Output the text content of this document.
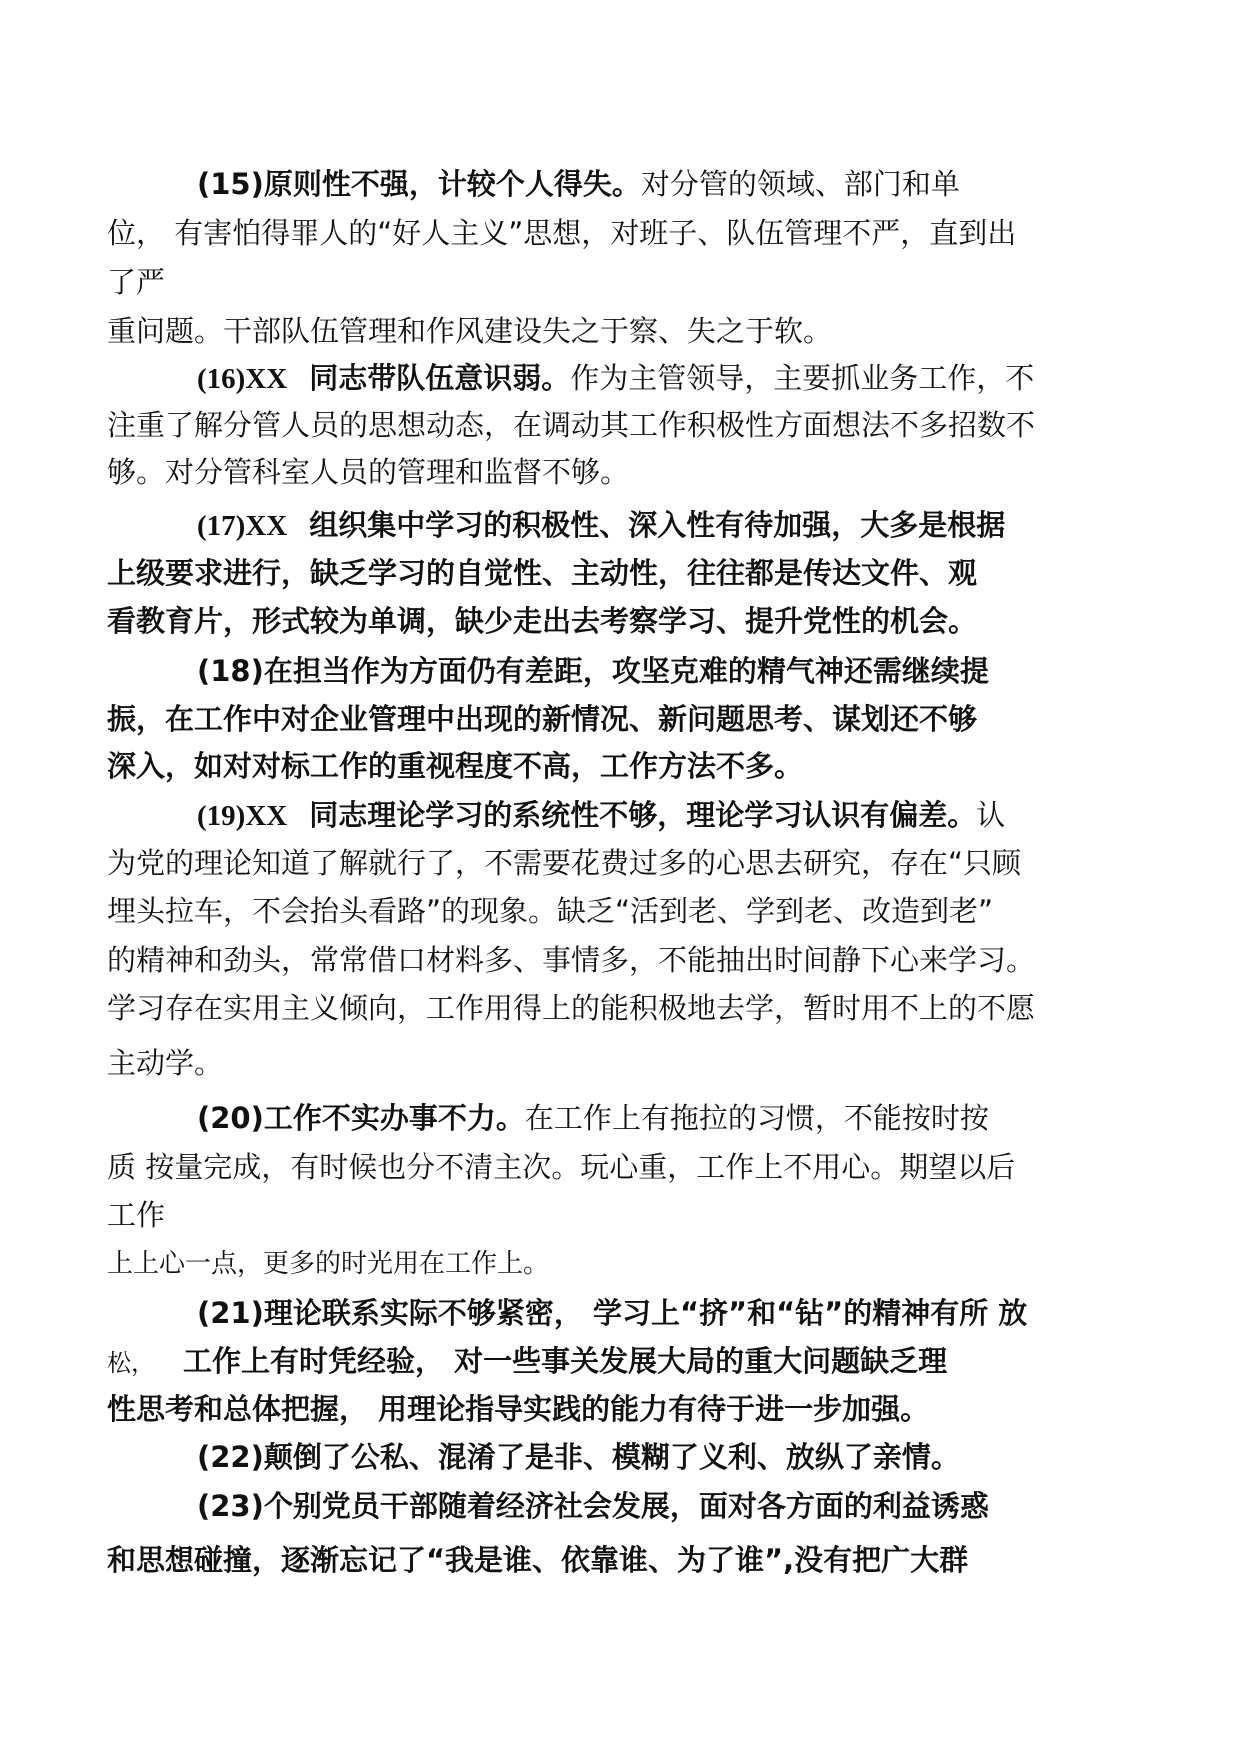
(15)原则性不强，计较个人得失。对分管的领域、部门和单
位， 有害怕得罪人的“好人主义”思想，对班子、队伍管理不严，直到出
了严
重问题。干部队伍管理和作风建设失之于察、失之于软。
(16)XX 同志带队伍意识弱。作为主管领导，主要抓业务工作，不
注重了解分管人员的思想动态，在调动其工作积极性方面想法不多招数不
够。对分管科室人员的管理和监督不够。
(17)XX 组织集中学习的积极性、深入性有待加强，大多是根据
上级要求进行，缺乏学习的自觉性、主动性，往往都是传达文件、观
看教育片，形式较为单调，缺少走出去考察学习、提升党性的机会。
(18)在担当作为方面仍有差距，攻坚克难的精气神还需继续提
振，在工作中对企业管理中出现的新情况、新问题思考、谋划还不够
深入，如对对标工作的重视程度不高，工作方法不多。
(19)XX 同志理论学习的系统性不够，理论学习认识有偏差。认
为党的理论知道了解就行了，不需要花费过多的心思去研究，存在“只顾
埋头拉车，不会抬头看路”的现象。缺乏“活到老、学到老、改造到老”
的精神和劲头，常常借口材料多、事情多，不能抽出时间静下心来学习。
学习存在实用主义倾向，工作用得上的能积极地去学，暂时用不上的不愿
主动学。
(20)工作不实办事不力。在工作上有拖拉的习惯，不能按时按
质 按量完成，有时候也分不清主次。玩心重，工作上不用心。期望以后
工作
上上心一点，更多的时光用在工作上。
(21)理论联系实际不够紧密， 学习上“挤”和“钻”的精神有所 放
松， 工作上有时凭经验， 对一些事关发展大局的重大问题缺乏理
性思考和总体把握， 用理论指导实践的能力有待于进一步加强。
(22)颠倒了公私、混淆了是非、模糊了义利、放纵了亲情。
(23)个别党员干部随着经济社会发展，面对各方面的利益诱惑
和思想碰撞，逐渐忘记了“我是谁、依靠谁、为了谁”,没有把广大群
